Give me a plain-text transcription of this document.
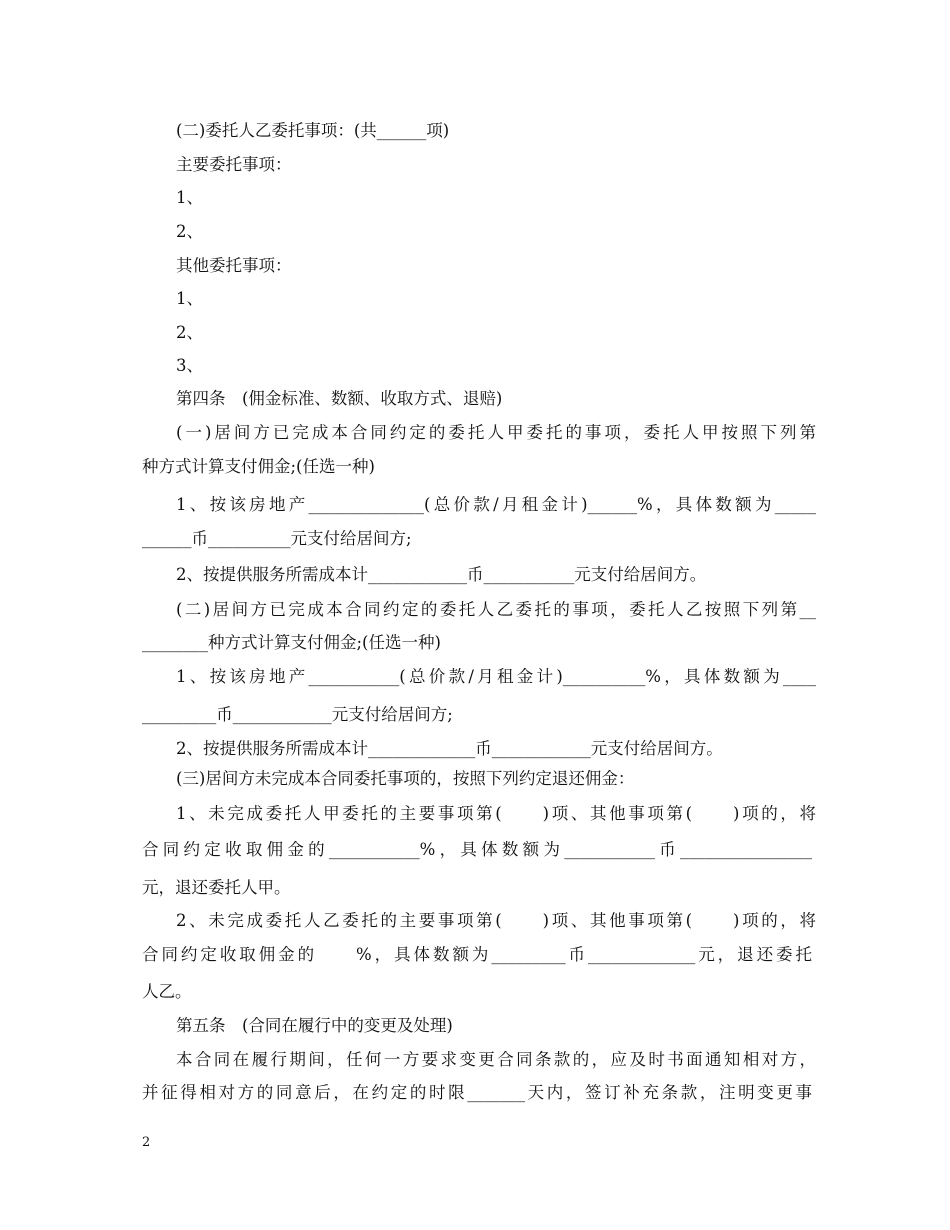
(二)委托人乙委托事项：(共______项)
主要委托事项：
1、
2、
其他委托事项：
1、
2、
3、
第四条　(佣金标准、数额、收取方式、退赔)
(一)居间方已完成本合同约定的委托人甲委托的事项，委托人甲按照下列第
种方式计算支付佣金;(任选一种)
1、按该房地产______________(总价款/月租金计)______%，具体数额为_____
______币__________元支付给居间方;
2、按提供服务所需成本计____________币___________元支付给居间方。
(二)居间方已完成本合同约定的委托人乙委托的事项，委托人乙按照下列第__
________种方式计算支付佣金;(任选一种)
1、按该房地产___________(总价款/月租金计)__________%，具体数额为____
_________币____________元支付给居间方;
2、按提供服务所需成本计_____________币____________元支付给居间方。
(三)居间方未完成本合同委托事项的，按照下列约定退还佣金：
1、未完成委托人甲委托的主要事项第(　　)项、其他事项第(　　)项的，将
合同约定收取佣金的___________%，具体数额为___________币________________
元，退还委托人甲。
2、未完成委托人乙委托的主要事项第(　　)项、其他事项第(　　)项的，将
合同约定收取佣金的　　%，具体数额为_________币_____________元，退还委托
人乙。
第五条　(合同在履行中的变更及处理)
本合同在履行期间，任何一方要求变更合同条款的，应及时书面通知相对方，
并征得相对方的同意后，在约定的时限_______天内，签订补充条款，注明变更事
2
